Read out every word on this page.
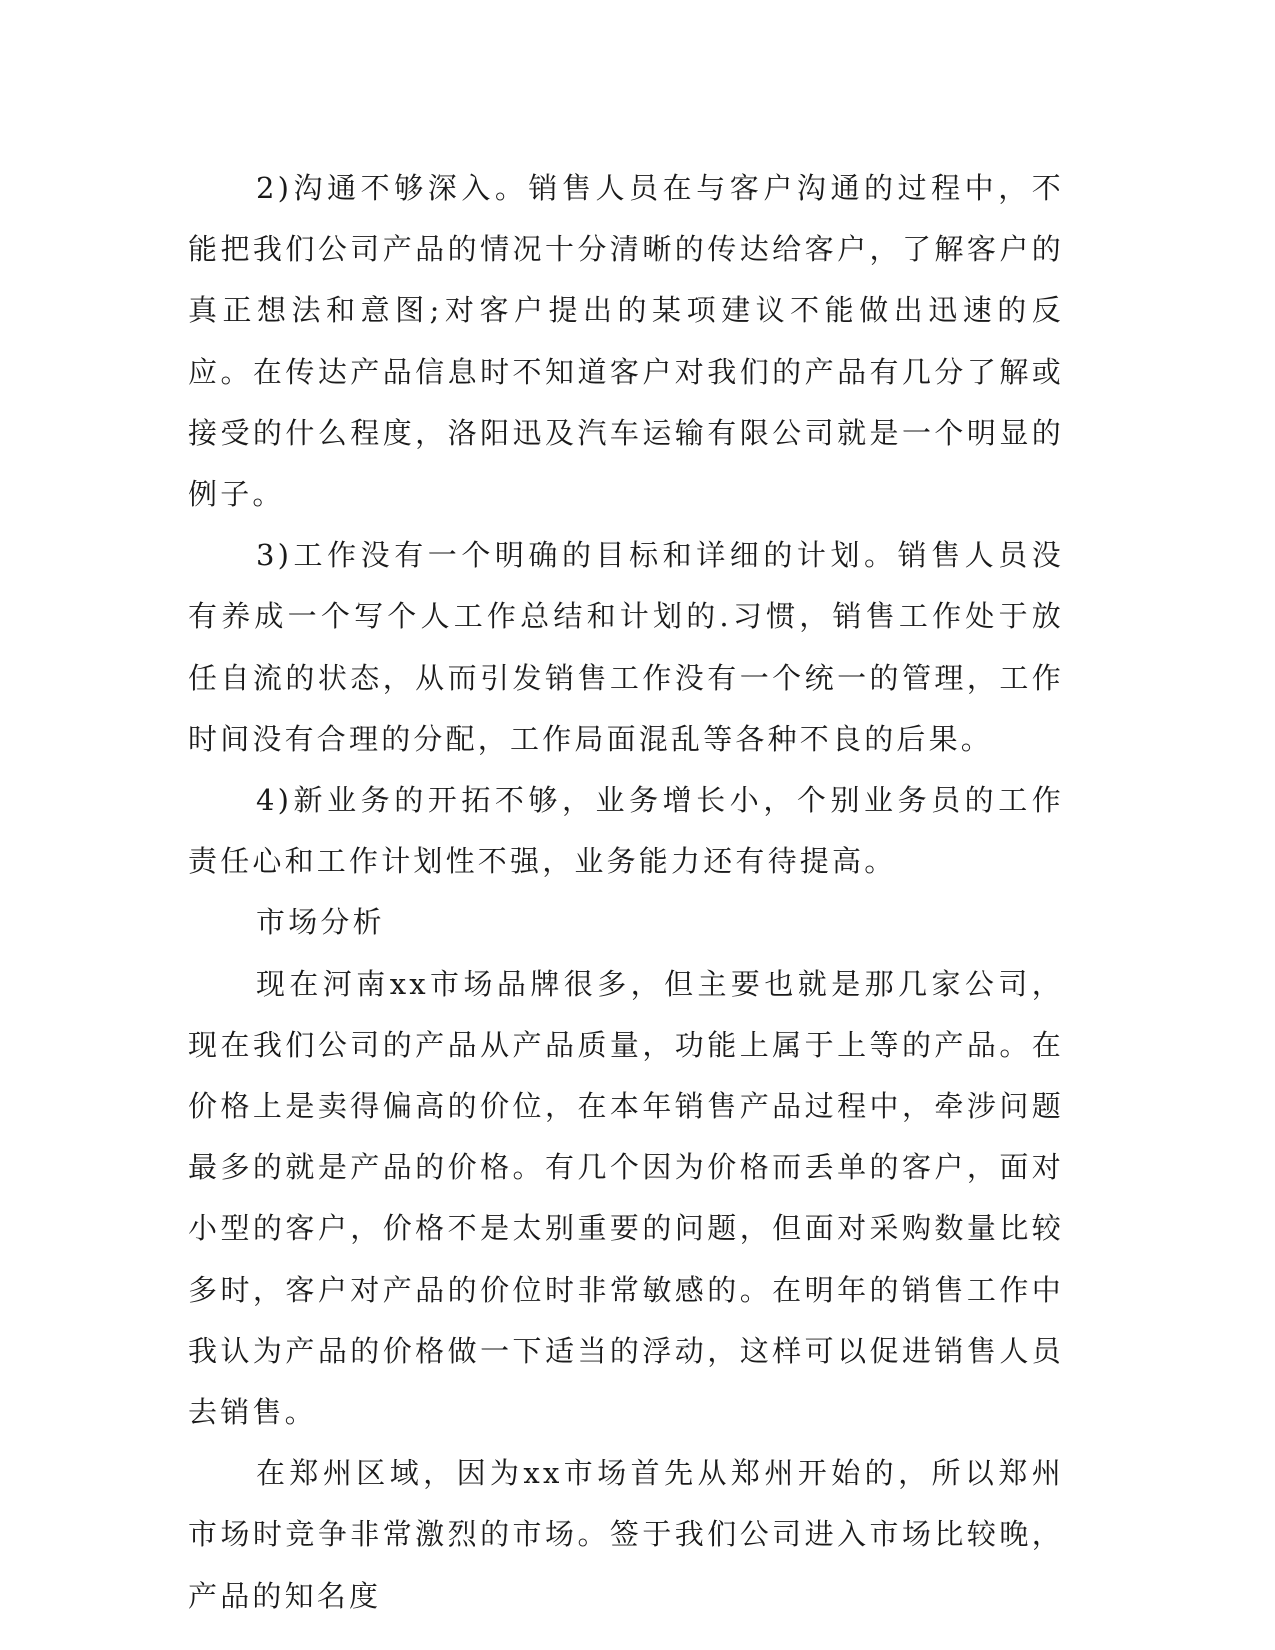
2)沟通不够深入。销售人员在与客户沟通的过程中，不能把我们公司产品的情况十分清晰的传达给客户，了解客户的真正想法和意图;对客户提出的某项建议不能做出迅速的反应。在传达产品信息时不知道客户对我们的产品有几分了解或接受的什么程度，洛阳迅及汽车运输有限公司就是一个明显的例子。

3)工作没有一个明确的目标和详细的计划。销售人员没有养成一个写个人工作总结和计划的.习惯，销售工作处于放任自流的状态，从而引发销售工作没有一个统一的管理，工作时间没有合理的分配，工作局面混乱等各种不良的后果。

4)新业务的开拓不够，业务增长小，个别业务员的工作责任心和工作计划性不强，业务能力还有待提高。

市场分析

现在河南xx市场品牌很多，但主要也就是那几家公司，现在我们公司的产品从产品质量，功能上属于上等的产品。在价格上是卖得偏高的价位，在本年销售产品过程中，牵涉问题最多的就是产品的价格。有几个因为价格而丢单的客户，面对小型的客户，价格不是太别重要的问题，但面对采购数量比较多时，客户对产品的价位时非常敏感的。在明年的销售工作中我认为产品的价格做一下适当的浮动，这样可以促进销售人员去销售。

在郑州区域，因为xx市场首先从郑州开始的，所以郑州市场时竞争非常激烈的市场。签于我们公司进入市场比较晚，产品的知名度
